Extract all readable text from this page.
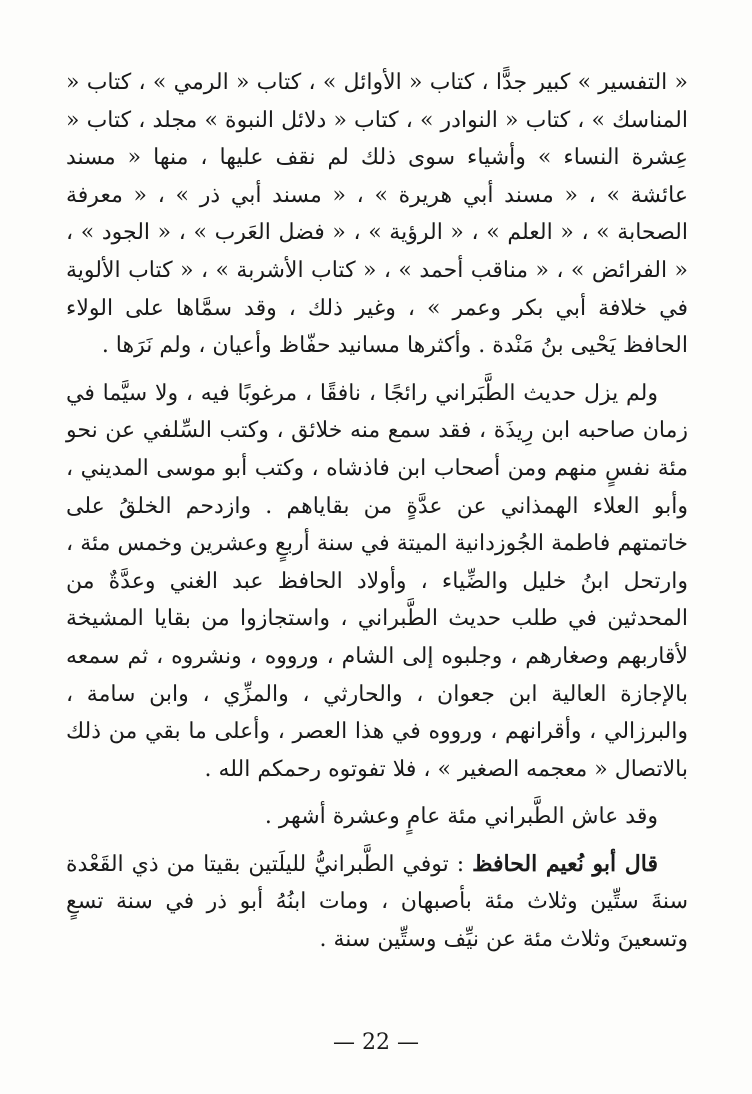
« التفسير » كبير جدًّا ، كتاب « الأوائل » ، كتاب « الرمي » ، كتاب « المناسك » ، كتاب « النوادر » ، كتاب « دلائل النبوة » مجلد ، كتاب « عِشرة النساء » وأشياء سوى ذلك لم نقف عليها ، منها « مسند عائشة » ، « مسند أبي هريرة » ، « مسند أبي ذر » ، « معرفة الصحابة » ، « العلم » ، « الرؤية » ، « فضل العَرب » ، « الجود » ، « الفرائض » ، « مناقب أحمد » ، « كتاب الأشربة » ، « كتاب الألوية في خلافة أبي بكر وعمر » ، وغير ذلك ، وقد سمَّاها على الولاء الحافظ يَحْيى بنُ مَنْدة . وأكثرها مسانيد حفّاظ وأعيان ، ولم نَرَها .

ولم يزل حديث الطَّبَراني رائجًا ، نافقًا ، مرغوبًا فيه ، ولا سيَّما في زمان صاحبه ابن رِيذَة ، فقد سمع منه خلائق ، وكتب السِّلفي عن نحو مئة نفسٍ منهم ومن أصحاب ابن فاذشاه ، وكتب أبو موسى المديني ، وأبو العلاء الهمذاني عن عدَّةٍ من بقاياهم . وازدحم الخلقُ على خاتمتهم فاطمة الجُوزدانية الميتة في سنة أربعٍ وعشرين وخمس مئة ، وارتحل ابنُ خليل والضِّياء ، وأولاد الحافظ عبد الغني وعدَّةٌ من المحدثين في طلب حديث الطَّبراني ، واستجازوا من بقايا المشيخة لأقاربهم وصغارهم ، وجلبوه إلى الشام ، ورووه ، ونشروه ، ثم سمعه بالإجازة العالية ابن جعوان ، والحارثي ، والمزِّي ، وابن سامة ، والبرزالي ، وأقرانهم ، ورووه في هذا العصر ، وأعلى ما بقي من ذلك بالاتصال « معجمه الصغير » ، فلا تفوتوه رحمكم الله .

وقد عاش الطَّبراني مئة عامٍ وعشرة أشهر .

قال أبو نُعيم الحافظ : توفي الطَّبرانيُّ لليلَتين بقيتا من ذي القَعْدة سنةَ ستِّين وثلاث مئة بأصبهان ، ومات ابنُهُ أبو ذر في سنة تسعٍ وتسعينَ وثلاث مئة عن نيِّف وستِّين سنة .

— 22 —
